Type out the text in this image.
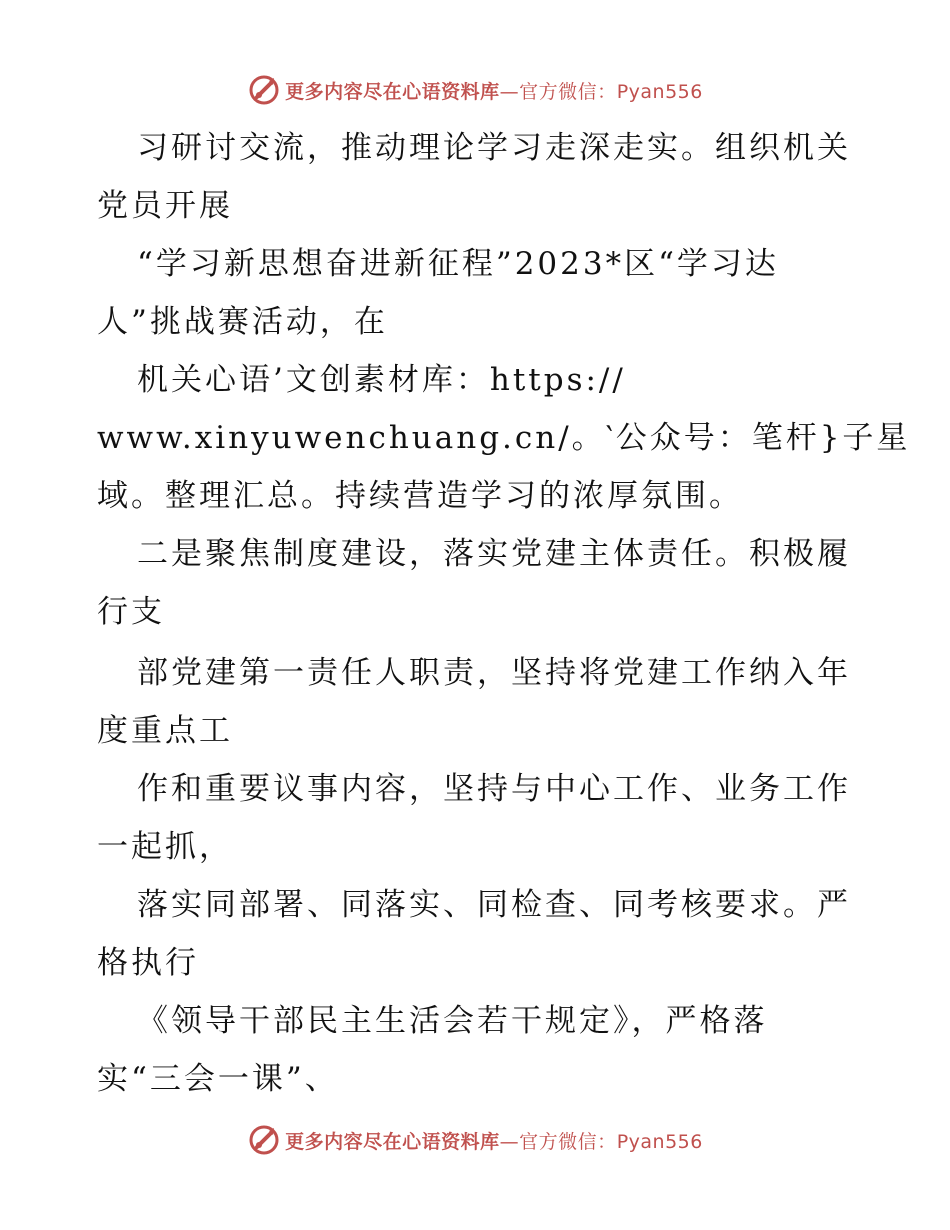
更多内容尽在心语资料库—官方微信：Pyan556
习研讨交流，推动理论学习走深走实。组织机关
党员开展
“学习新思想奋进新征程”2023*区“学习达
人”挑战赛活动，在
机关心语’文创素材库：https://
www.xinyuwenchuang.cn/。‵公众号：笔杆}子星
域。整理汇总。持续营造学习的浓厚氛围。
二是聚焦制度建设，落实党建主体责任。积极履
行支
部党建第一责任人职责，坚持将党建工作纳入年
度重点工
作和重要议事内容，坚持与中心工作、业务工作
一起抓，
落实同部署、同落实、同检查、同考核要求。严
格执行
《领导干部民主生活会若干规定》，严格落
实“三会一课”、
更多内容尽在心语资料库—官方微信：Pyan556
